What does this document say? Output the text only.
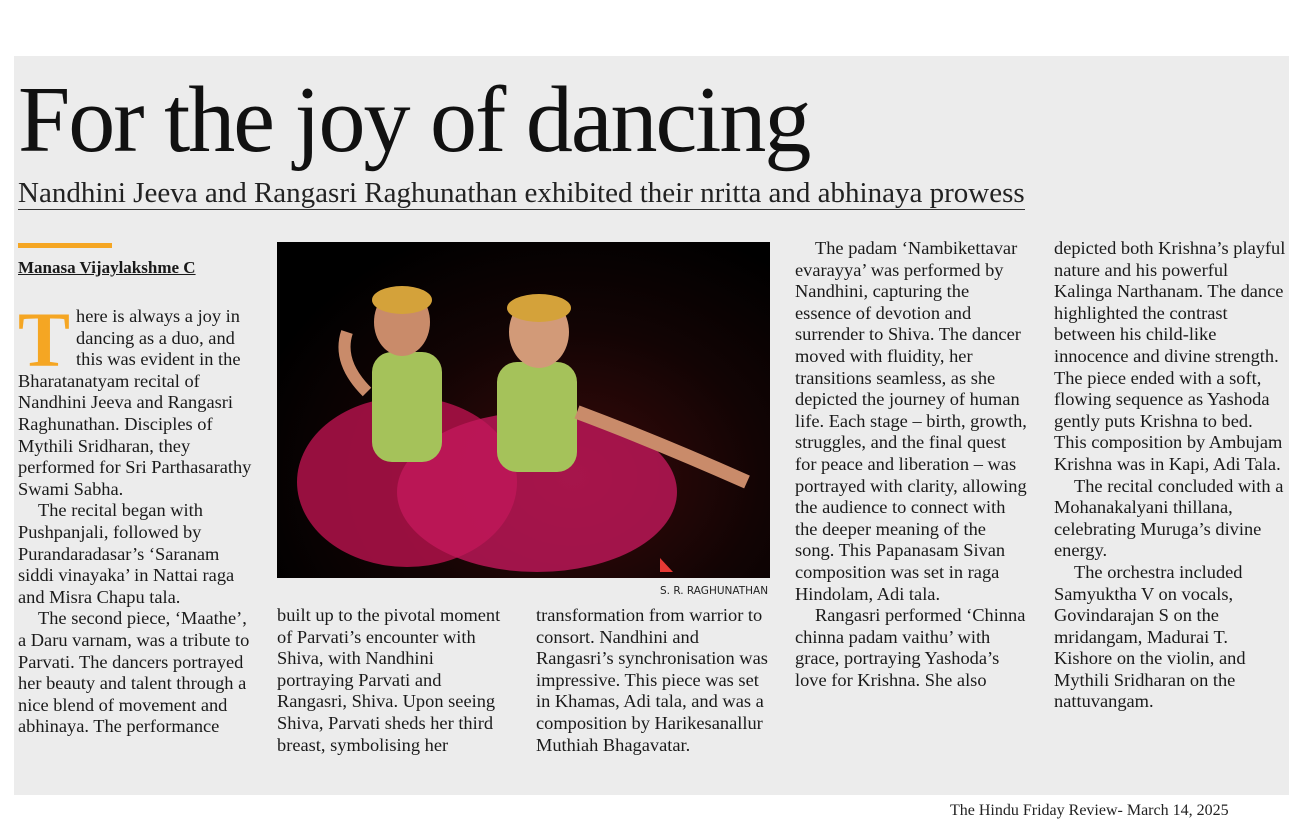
For the joy of dancing
Nandhini Jeeva and Rangasri Raghunathan exhibited their nritta and abhinaya prowess
Manasa Vijaylakshme C
T here is always a joy in dancing as a duo, and this was evident in the Bharatanatyam recital of Nandhini Jeeva and Rangasri Raghunathan. Disciples of Mythili Sridharan, they performed for Sri Parthasarathy Swami Sabha.

The recital began with Pushpanjali, followed by Purandaradasar’s ‘Saranam siddi vinayaka’ in Nattai raga and Misra Chapu tala.

The second piece, ‘Maathe’, a Daru varnam, was a tribute to Parvati. The dancers portrayed her beauty and talent through a nice blend of movement and abhinaya. The performance

S. R. RAGHUNATHAN

built up to the pivotal moment of Parvati’s encounter with Shiva, with Nandhini portraying Parvati and Rangasri, Shiva. Upon seeing Shiva, Parvati sheds her third breast, symbolising her

transformation from warrior to consort. Nandhini and Rangasri’s synchronisation was impressive. This piece was set in Khamas, Adi tala, and was a composition by Harikesanallur Muthiah Bhagavatar.

The padam ‘Nambikettavar evarayya’ was performed by Nandhini, capturing the essence of devotion and surrender to Shiva. The dancer moved with fluidity, her transitions seamless, as she depicted the journey of human life. Each stage – birth, growth, struggles, and the final quest for peace and liberation – was portrayed with clarity, allowing the audience to connect with the deeper meaning of the song. This Papanasam Sivan composition was set in raga Hindolam, Adi tala.

Rangasri performed ‘Chinna chinna padam vaithu’ with grace, portraying Yashoda’s love for Krishna. She also

depicted both Krishna’s playful nature and his powerful Kalinga Narthanam. The dance highlighted the contrast between his child-like innocence and divine strength. The piece ended with a soft, flowing sequence as Yashoda gently puts Krishna to bed. This composition by Ambujam Krishna was in Kapi, Adi Tala.

The recital concluded with a Mohanakalyani thillana, celebrating Muruga’s divine energy.

The orchestra included Samyuktha V on vocals, Govindarajan S on the mridangam, Madurai T. Kishore on the violin, and Mythili Sridharan on the nattuvangam.

The Hindu Friday Review- March 14, 2025
